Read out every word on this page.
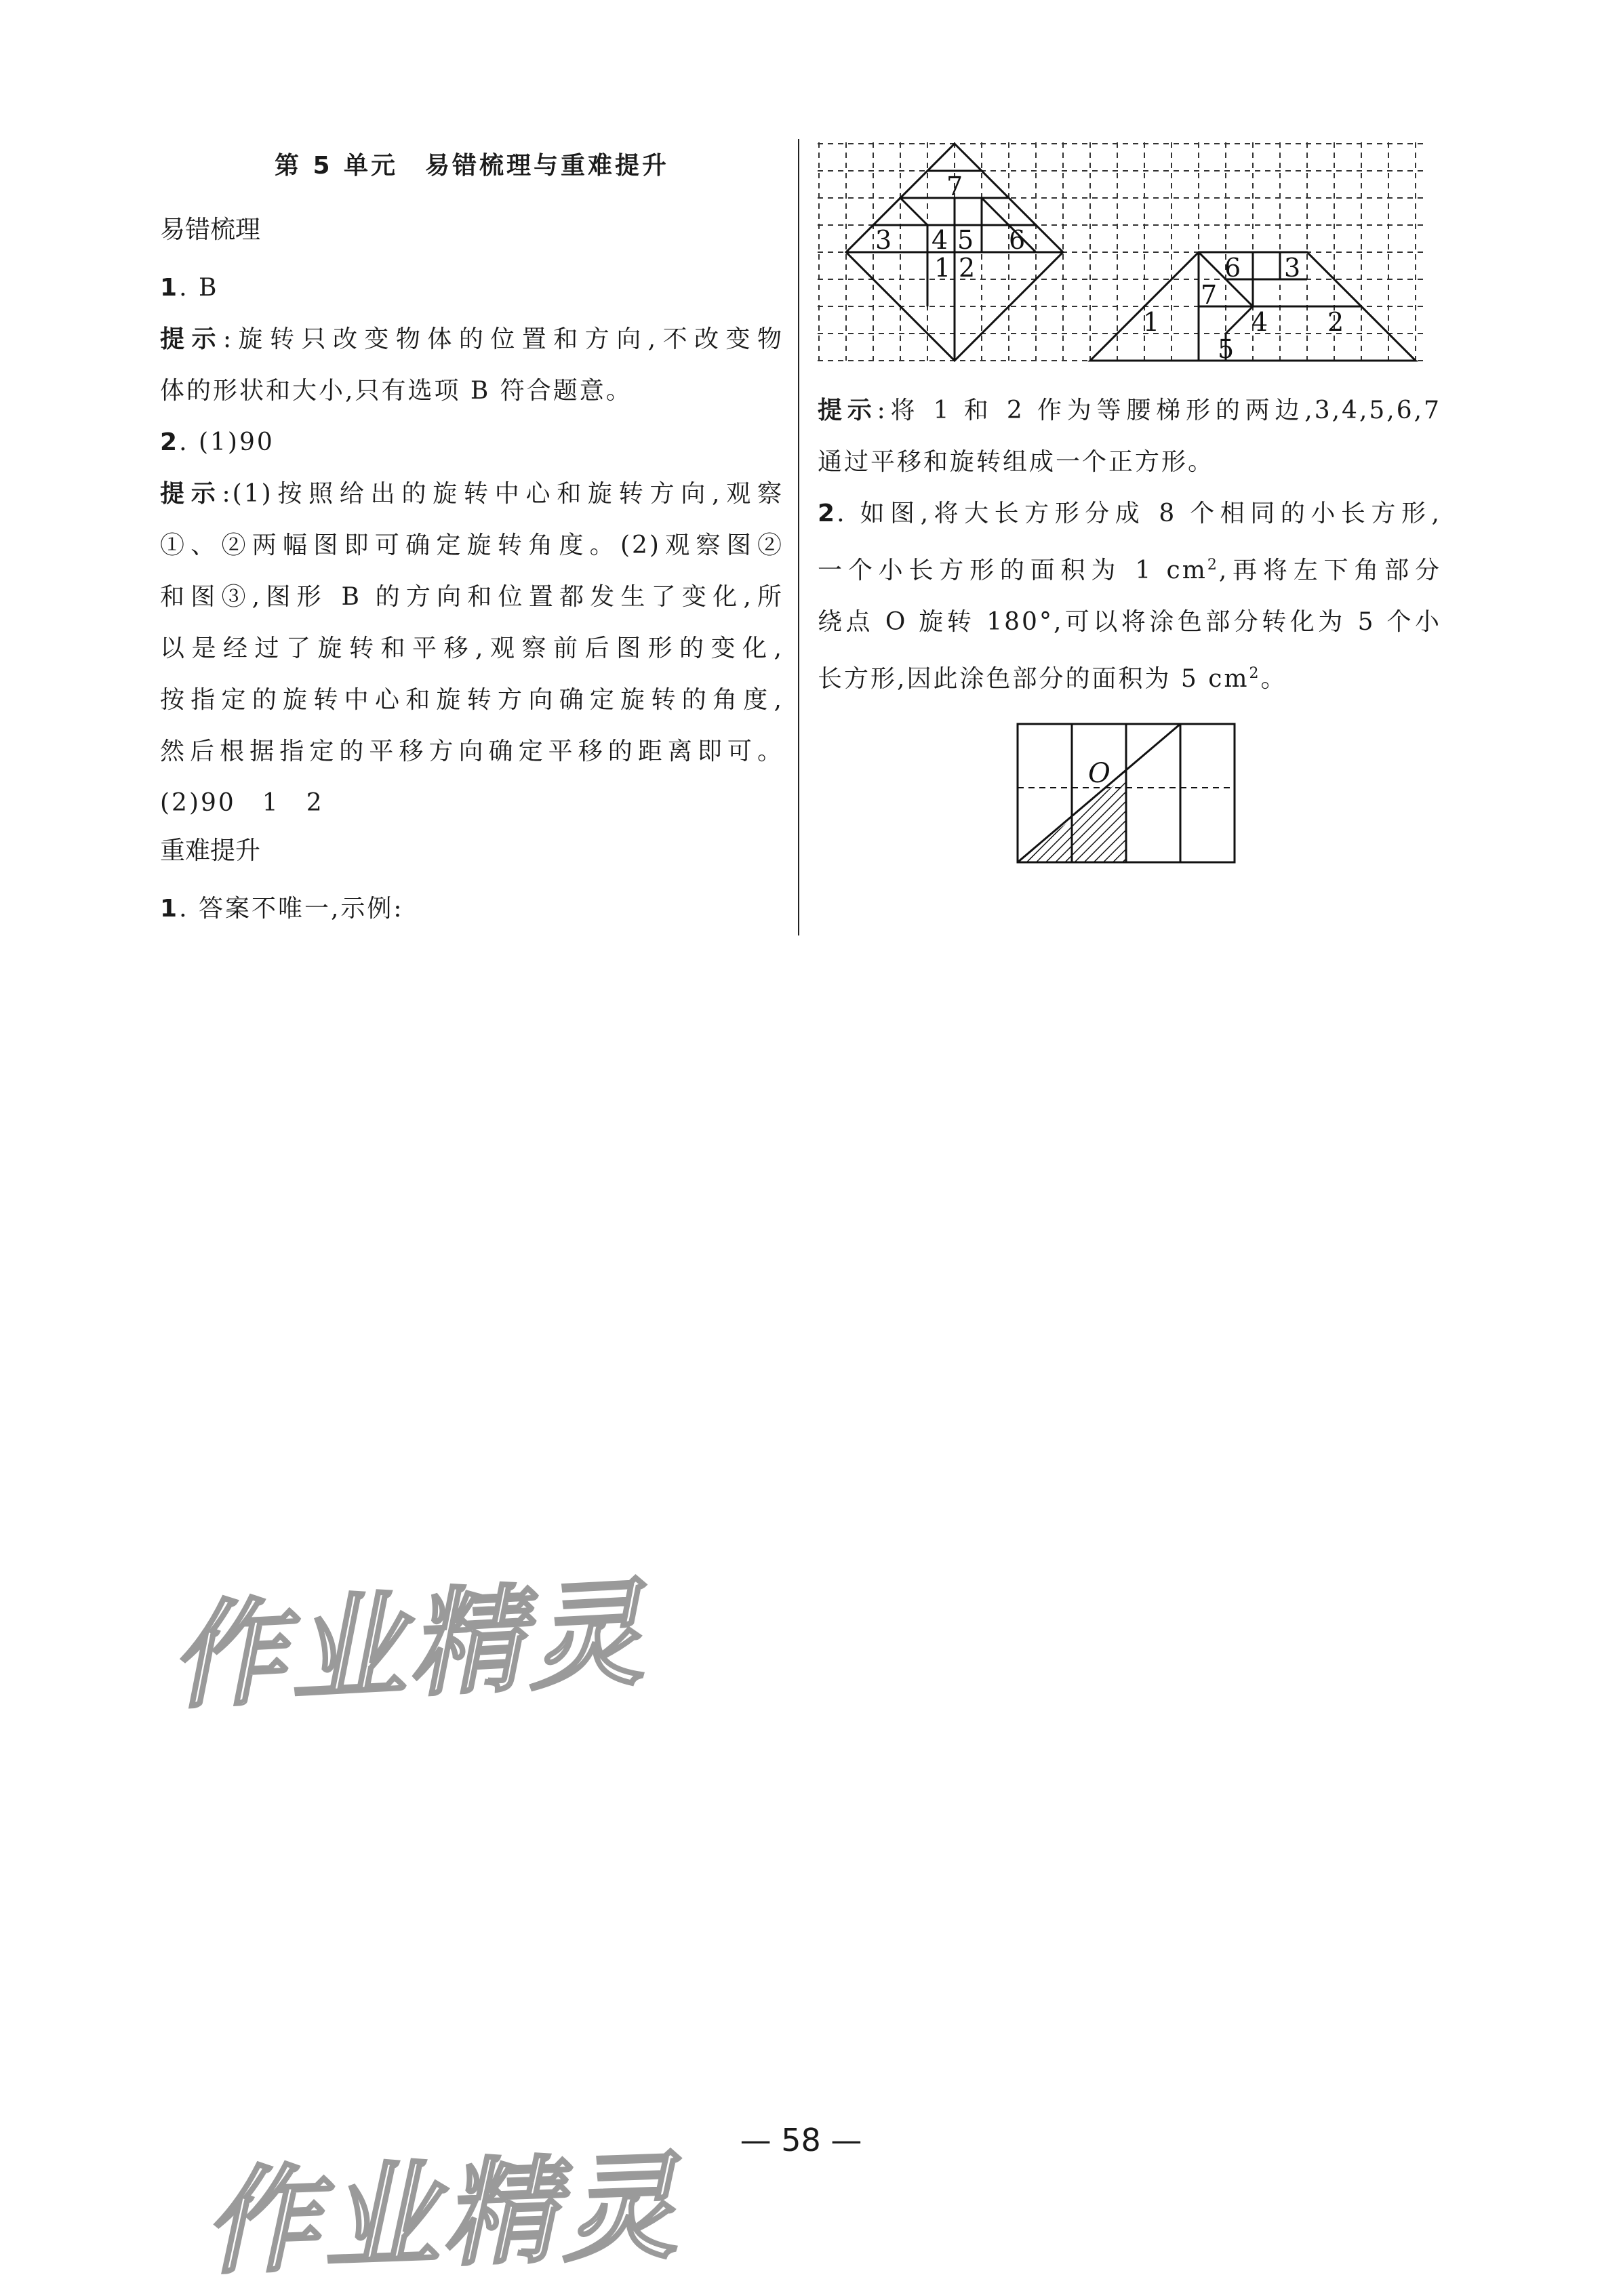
第 5 单元　易错梳理与重难提升
易错梳理
1. B
提示:旋转只改变物体的位置和方向,不改变物
体的形状和大小,只有选项 B 符合题意。
2. (1)90
提示:(1)按照给出的旋转中心和旋转方向,观察
①、②两幅图即可确定旋转角度。(2)观察图②
和图③,图形 B 的方向和位置都发生了变化,所
以是经过了旋转和平移,观察前后图形的变化,
按指定的旋转中心和旋转方向确定旋转的角度,
然后根据指定的平移方向确定平移的距离即可。
(2)90　1　2
重难提升
1. 答案不唯一,示例:
7
3 4 5 6
1 2	6 3
7
1	4 2
5
提示:将 1 和 2 作为等腰梯形的两边,3,4,5,6,7
通过平移和旋转组成一个正方形。
2. 如图,将大长方形分成 8 个相同的小长方形,
一个小长方形的面积为 1 $cm^2$,再将左下角部分
绕点 O 旋转 180°,可以将涂色部分转化为 5 个小
长方形,因此涂色部分的面积为 5 $cm^2$。
O
作业精灵
作业精灵	— 58 —
